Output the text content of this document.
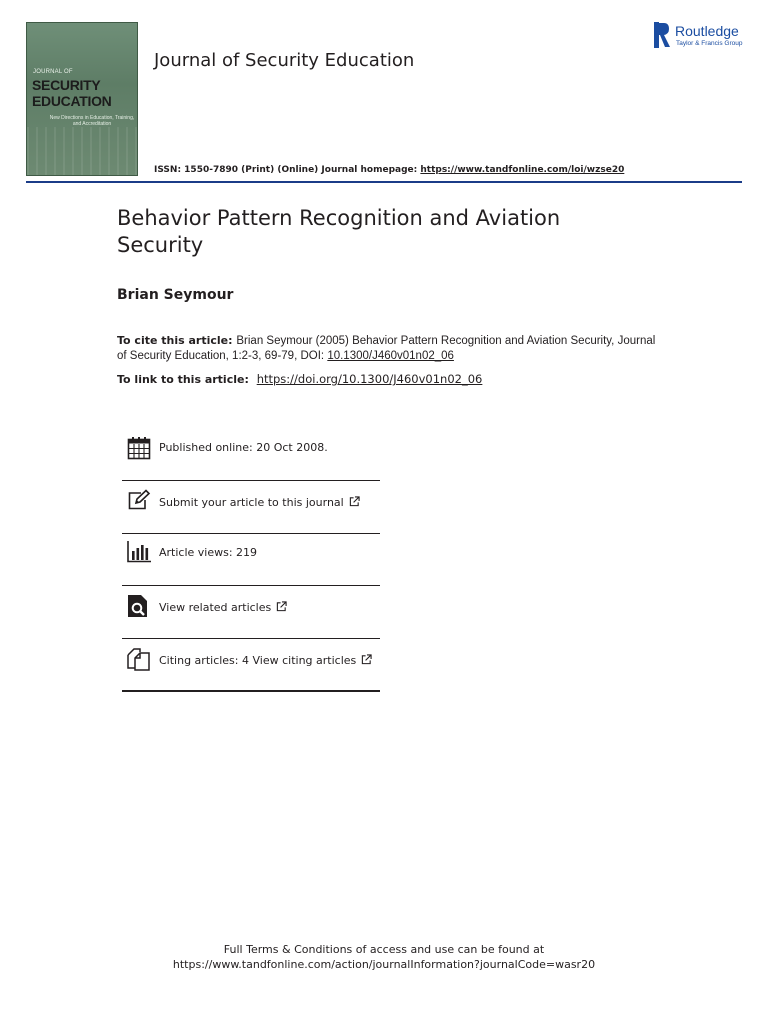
JOURNAL OF
SECURITY
EDUCATION
New Directions in Education, Training, and Accreditation
Journal of Security Education
ISSN: 1550-7890 (Print) (Online) Journal homepage: https://www.tandfonline.com/loi/wzse20
Routledge
Taylor & Francis Group
Behavior Pattern Recognition and Aviation Security
Brian Seymour
To cite this article: Brian Seymour (2005) Behavior Pattern Recognition and Aviation Security, Journal of Security Education, 1:2-3, 69-79, DOI: 10.1300/J460v01n02_06
To link to this article: https://doi.org/10.1300/J460v01n02_06
Published online: 20 Oct 2008.
Submit your article to this journal
Article views: 219
View related articles
Citing articles: 4 View citing articles
Full Terms & Conditions of access and use can be found at
https://www.tandfonline.com/action/journalInformation?journalCode=wasr20
